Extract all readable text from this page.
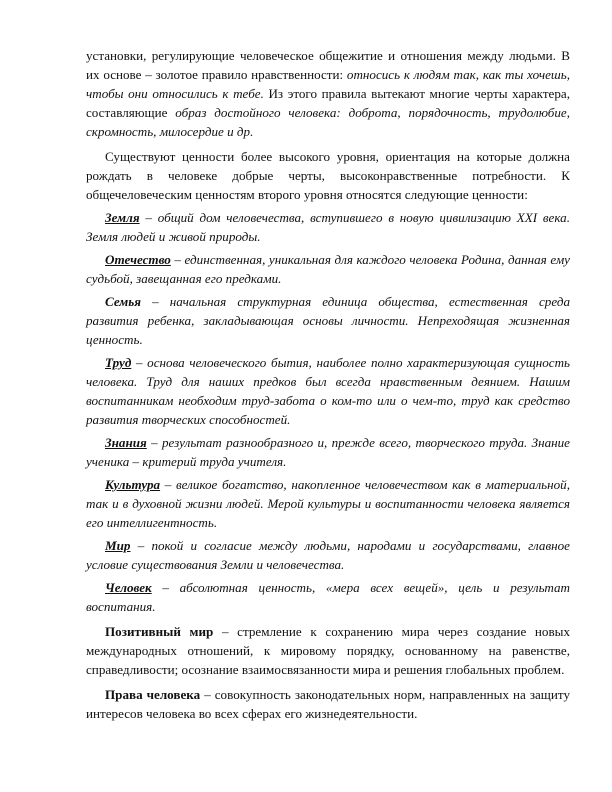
установки, регулирующие человеческое общежитие и отношения между людьми. В их основе – золотое правило нравственности: относись к людям так, как ты хочешь, чтобы они относились к тебе. Из этого правила вытекают многие черты характера, составляющие образ достойного человека: доброта, порядочность, трудолюбие, скромность, милосердие и др.

Существуют ценности более высокого уровня, ориентация на которые должна рождать в человеке добрые черты, высоконравственные потребности. К общечеловеческим ценностям второго уровня относятся следующие ценности:

Земля – общий дом человечества, вступившего в новую цивилизацию XXI века. Земля людей и живой природы.

Отечество – единственная, уникальная для каждого человека Родина, данная ему судьбой, завещанная его предками.

Семья – начальная структурная единица общества, естественная среда развития ребенка, закладывающая основы личности. Непреходящая жизненная ценность.

Труд – основа человеческого бытия, наиболее полно характеризующая сущность человека. Труд для наших предков был всегда нравственным деянием. Нашим воспитанникам необходим труд-забота о ком-то или о чем-то, труд как средство развития творческих способностей.

Знания – результат разнообразного и, прежде всего, творческого труда. Знание ученика – критерий труда учителя.

Культура – великое богатство, накопленное человечеством как в материальной, так и в духовной жизни людей. Мерой культуры и воспитанности человека является его интеллигентность.

Мир – покой и согласие между людьми, народами и государствами, главное условие существования Земли и человечества.

Человек – абсолютная ценность, «мера всех вещей», цель и результат воспитания.

Позитивный мир – стремление к сохранению мира через создание новых международных отношений, к мировому порядку, основанному на равенстве, справедливости; осознание взаимосвязанности мира и решения глобальных проблем.

Права человека – совокупность законодательных норм, направленных на защиту интересов человека во всех сферах его жизнедеятельности.
